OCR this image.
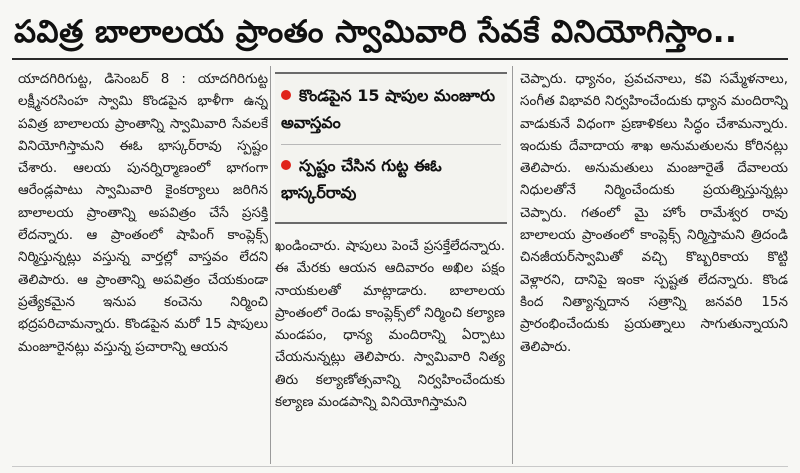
పవిత్ర బాలాలయ ప్రాంతం స్వామివారి సేవకే వినియోగిస్తాం..

యాదగిరిగుట్ట, డిసెంబర్‌ 8 : యాదగిరిగుట్ట లక్ష్మీనరసింహ స్వామి కొండపైన భాళీగా ఉన్న పవిత్ర బాలాలయ ప్రాంతాన్ని స్వామివారి సేవలకే వినియోగిస్తామని ఈఓ భాస్కర్‌రావు స్పష్టం చేశారు. ఆలయ పునర్నిర్మాణంలో భాగంగా ఆరేండ్లపాటు స్వామివారి కైంకర్యాలు జరిగిన బాలాలయ ప్రాంతాన్ని అపవిత్రం చేసే ప్రసక్తి లేదన్నారు. ఆ ప్రాంతంలో షాపింగ్‌ కాంప్లెక్స్‌ నిర్మిస్తున్నట్లు వస్తున్న వార్తల్లో వాస్తవం లేదని తెలిపారు. ఆ ప్రాంతాన్ని అపవిత్రం చేయకుండా ప్రత్యేకమైన ఇనుప కంచెను నిర్మించి భద్రపరిచామన్నారు. కొండపైన మరో 15 షాపులు మంజూరైనట్లు వస్తున్న ప్రచారాన్ని ఆయన

కొండపైన 15 షాపుల మంజూరు అవాస్తవం
స్పష్టం చేసిన గుట్ట ఈఓ భాస్కర్‌రావు

ఖండించారు. షాపులు పెంచే ప్రసక్తేలేదన్నారు. ఈ మేరకు ఆయన ఆదివారం అఖిల పక్షం నాయకులతో మాట్లాడారు. బాలాలయ ప్రాంతంలో రెండు కాంప్లెక్స్‌లో నిర్మించి కల్యాణ మండపం, ధాన్య మందిరాన్ని ఏర్పాటు చేయనున్నట్లు తెలిపారు. స్వామివారి నిత్య తిరు కల్యాణోత్సవాన్ని నిర్వహించేందుకు కల్యాణ మండపాన్ని వినియోగిస్తామని

చెప్పారు. ధ్యానం, ప్రవచనాలు, కవి సమ్మేళనాలు, సంగీత విభావరి నిర్వహించేందుకు ధ్యాన మందిరాన్ని వాడుకునే విధంగా ప్రణాళికలు సిద్ధం చేశామన్నారు. ఇందుకు దేవాదాయ శాఖ అనుమతులను కోరినట్లు తెలిపారు. అనుమతులు మంజూరైతే దేవాలయ నిధులతోనే నిర్మించేందుకు ప్రయత్నిస్తున్నట్లు చెప్పారు. గతంలో మై హోం రామేశ్వర రావు బాలాలయ ప్రాంతంలో కాంప్లెక్స్‌ నిర్మిస్తామని త్రిదండి చినజీయర్‌స్వామితో వచ్చి కొబ్బరికాయ కొట్టి వెళ్లారని, దానిపై ఇంకా స్పష్టత లేదన్నారు. కొండ కింద నిత్యాన్నదాన సత్రాన్ని జనవరి 15న ప్రారంభించేందుకు ప్రయత్నాలు సాగుతున్నాయని తెలిపారు.
